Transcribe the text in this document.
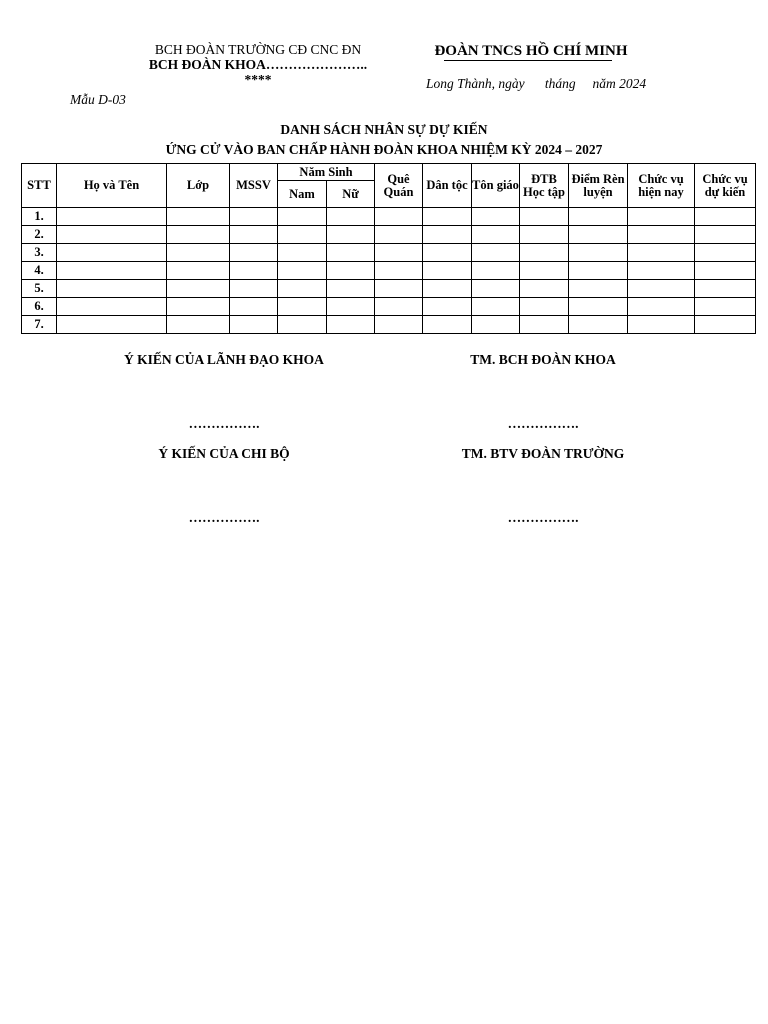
BCH ĐOÀN TRƯỜNG CĐ CNC ĐN
BCH ĐOÀN KHOA…………………..
****
ĐOÀN TNCS HỒ CHÍ MINH
Long Thành, ngày      tháng     năm 2024
Mẫu D-03
DANH SÁCH NHÂN SỰ DỰ KIẾN
ỨNG CỬ VÀO BAN CHẤP HÀNH ĐOÀN KHOA NHIỆM KỲ 2024 – 2027
STT	Họ và Tên	Lớp	MSSV	Năm Sinh		Quê Quán	Dân tộc	Tôn giáo	ĐTB Học tập	Điểm Rèn luyện	Chức vụ hiện nay	Chức vụ dự kiến	
				Nam	Nữ								
1.													
2.													
3.													
4.													
5.													
6.													
7.													
Ý KIẾN CỦA LÃNH ĐẠO KHOA	TM. BCH ĐOÀN KHOA
…………….	…………….
Ý KIẾN CỦA CHI BỘ	TM. BTV ĐOÀN TRƯỜNG
…………….	…………….
